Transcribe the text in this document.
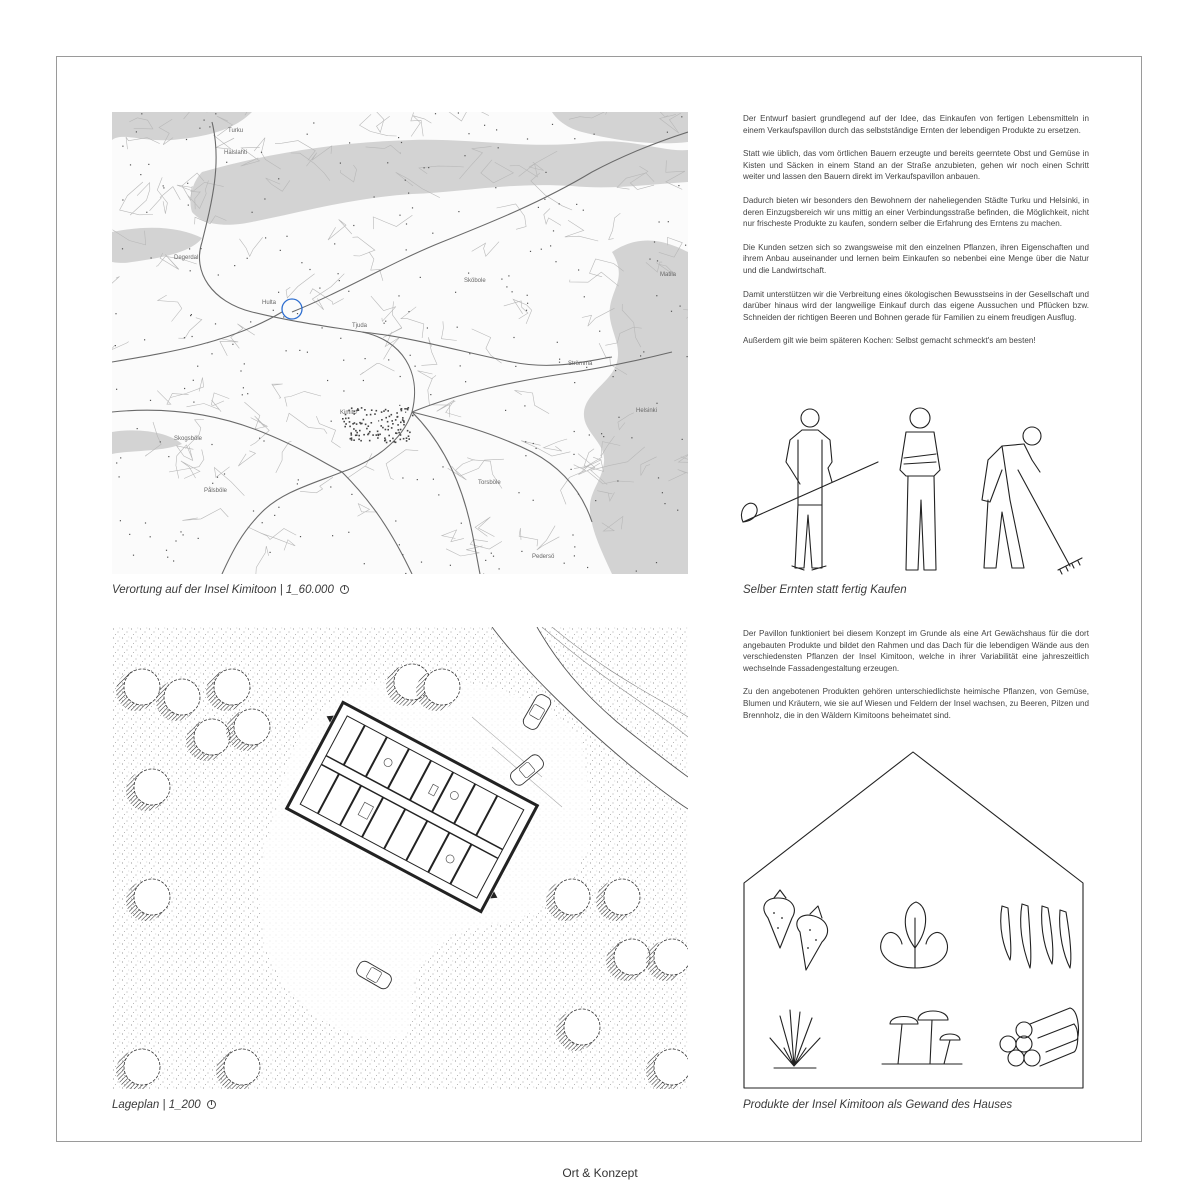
Turku
Halslahti
Degerdal
Hulta
Tjuda
Sköbole
Kimito
Strömma
Helsinki
Skogsböle
Pålsböle
Torsböle
Pedersö
Matila
Verortung auf der Insel Kimitoon | 1_60.000
Lageplan | 1_200

Der Entwurf basiert grundlegend auf der Idee, das Einkaufen von fertigen Lebensmitteln in einem Verkaufspavillon durch das selbstständige Ernten der lebendigen Produkte zu ersetzen.

Statt wie üblich, das vom örtlichen Bauern erzeugte und bereits geerntete Obst und Gemüse in Kisten und Säcken in einem Stand an der Straße anzubieten, gehen wir noch einen Schritt weiter und lassen den Bauern direkt im Verkaufspavillon anbauen.

Dadurch bieten wir besonders den Bewohnern der naheliegenden Städte Turku und Helsinki, in deren Einzugsbereich wir uns mittig an einer Verbindungsstraße befinden, die Möglichkeit, nicht nur frischeste Produkte zu kaufen, sondern selber die Erfahrung des Erntens zu machen.

Die Kunden setzen sich so zwangsweise mit den einzelnen Pflanzen, ihren Eigenschaften und ihrem Anbau auseinander und lernen beim Einkaufen so nebenbei eine Menge über die Natur und die Landwirtschaft.

Damit unterstützen wir die Verbreitung eines ökologischen Bewusstseins in der Gesellschaft und darüber hinaus wird der langweilige Einkauf durch das eigene Aussuchen und Pflücken bzw. Schneiden der richtigen Beeren und Bohnen gerade für Familien zu einem freudigen Ausflug.

Außerdem gilt wie beim späteren Kochen: Selbst gemacht schmeckt's am besten!

Selber Ernten statt fertig Kaufen

Der Pavillon funktioniert bei diesem Konzept im Grunde als eine Art Gewächshaus für die dort angebauten Produkte und bildet den Rahmen und das Dach für die lebendigen Wände aus den verschiedensten Pflanzen der Insel Kimitoon, welche in ihrer Variabilität eine jahreszeitlich wechselnde Fassadengestaltung erzeugen.

Zu den angebotenen Produkten gehören unterschiedlichste heimische Pflanzen, von Gemüse, Blumen und Kräutern, wie sie auf Wiesen und Feldern der Insel wachsen, zu Beeren, Pilzen und Brennholz, die in den Wäldern Kimitoons beheimatet sind.

Produkte der Insel Kimitoon als Gewand des Hauses
Ort & Konzept
